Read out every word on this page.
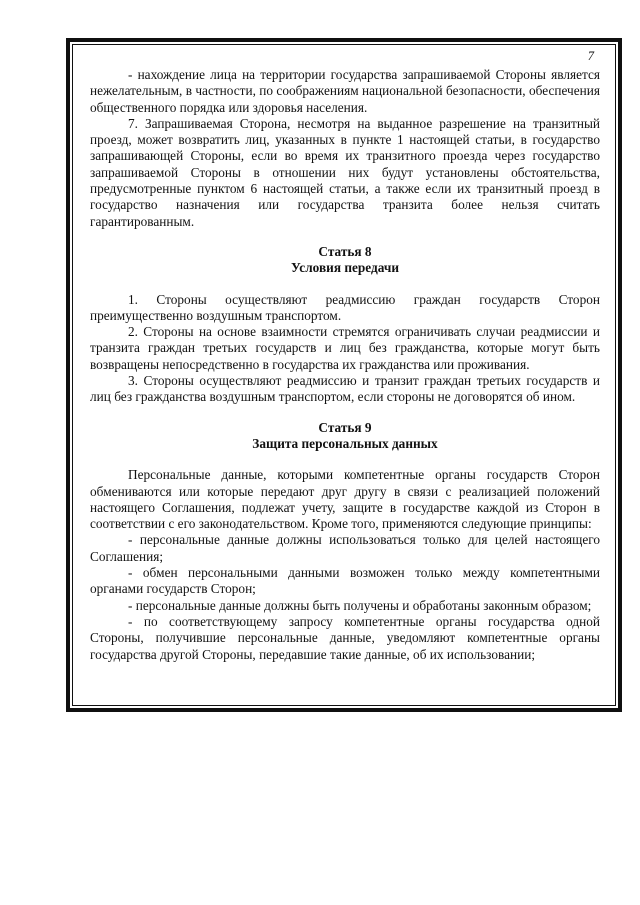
7

- нахождение лица на территории государства запрашиваемой Стороны является нежелательным, в частности, по соображениям национальной безопасности, обеспечения общественного порядка или здоровья населения.

7. Запрашиваемая Сторона, несмотря на выданное разрешение на транзитный проезд, может возвратить лиц, указанных в пункте 1 настоящей статьи, в государство запрашивающей Стороны, если во время их транзитного проезда через государство запрашиваемой Стороны в отношении них будут установлены обстоятельства, предусмотренные пунктом 6 настоящей статьи, а также если их транзитный проезд в государство назначения или государства транзита более нельзя считать гарантированным.

Статья 8
Условия передачи

1. Стороны осуществляют реадмиссию граждан государств Сторон преимущественно воздушным транспортом.

2. Стороны на основе взаимности стремятся ограничивать случаи реадмиссии и транзита граждан третьих государств и лиц без гражданства, которые могут быть возвращены непосредственно в государства их гражданства или проживания.

3. Стороны осуществляют реадмиссию и транзит граждан третьих государств и лиц без гражданства воздушным транспортом, если стороны не договорятся об ином.

Статья 9
Защита персональных данных

Персональные данные, которыми компетентные органы государств Сторон обмениваются или которые передают друг другу в связи с реализацией положений настоящего Соглашения, подлежат учету, защите в государстве каждой из Сторон в соответствии с его законодательством. Кроме того, применяются следующие принципы:

- персональные данные должны использоваться только для целей настоящего Соглашения;

- обмен персональными данными возможен только между компетентными органами государств Сторон;

- персональные данные должны быть получены и обработаны законным образом;

- по соответствующему запросу компетентные органы государства одной Стороны, получившие персональные данные, уведомляют компетентные органы государства другой Стороны, передавшие такие данные, об их использовании;
